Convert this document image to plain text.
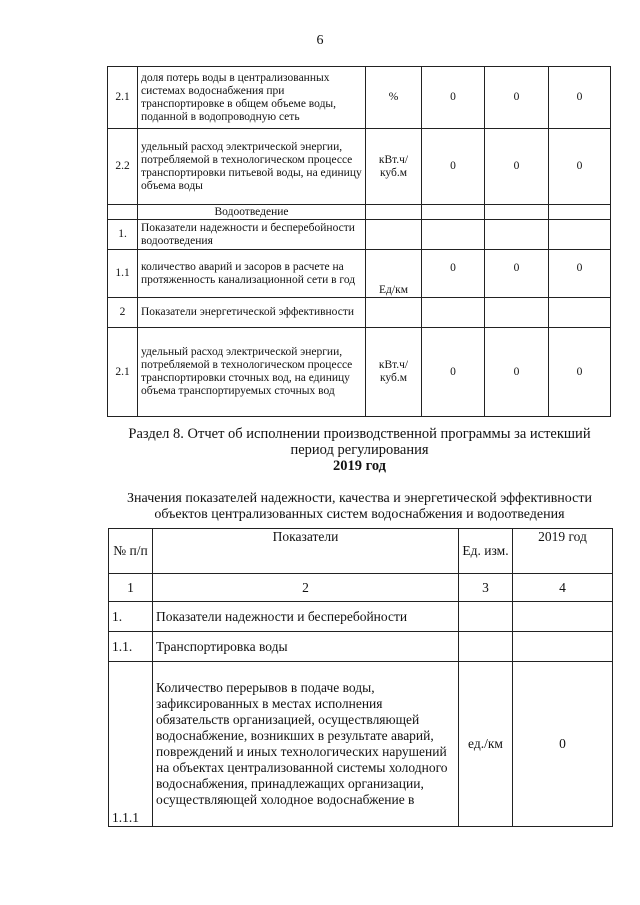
6
2.1	доля потерь воды в централизованных системах водоснабжения при транспортировке в общем объеме воды, поданной в водопроводную сеть	%	0	0	0
2.2	удельный расход электрической энергии, потребляемой в технологическом процессе транспортировки питьевой воды, на единицу объема воды	кВт.ч/ куб.м	0	0	0
	Водоотведение				
1.	Показатели надежности и бесперебойности водоотведения				
1.1	количество аварий и засоров в расчете на протяженность канализационной сети в год	Ед/км	0	0	0
2	Показатели энергетической эффективности				
2.1	удельный расход электрической энергии, потребляемой в технологическом процессе транспортировки сточных вод, на единицу объема транспортируемых сточных вод	кВт.ч/ куб.м	0	0	0
Раздел 8. Отчет об исполнении производственной программы за истекший период регулирования
2019 год
Значения показателей надежности, качества и энергетической эффективности объектов централизованных систем водоснабжения и водоотведения
№ п/п	Показатели	Ед. изм.	2019 год
1	2	3	4
1.	Показатели надежности и бесперебойности		
1.1.	Транспортировка воды		
1.1.1	Количество перерывов в подаче воды, зафиксированных в местах исполнения обязательств организацией, осуществляющей водоснабжение, возникших в результате аварий, повреждений и иных технологических нарушений на объектах централизованной системы холодного водоснабжения, принадлежащих организации, осуществляющей холодное водоснабжение в	ед./км	0
